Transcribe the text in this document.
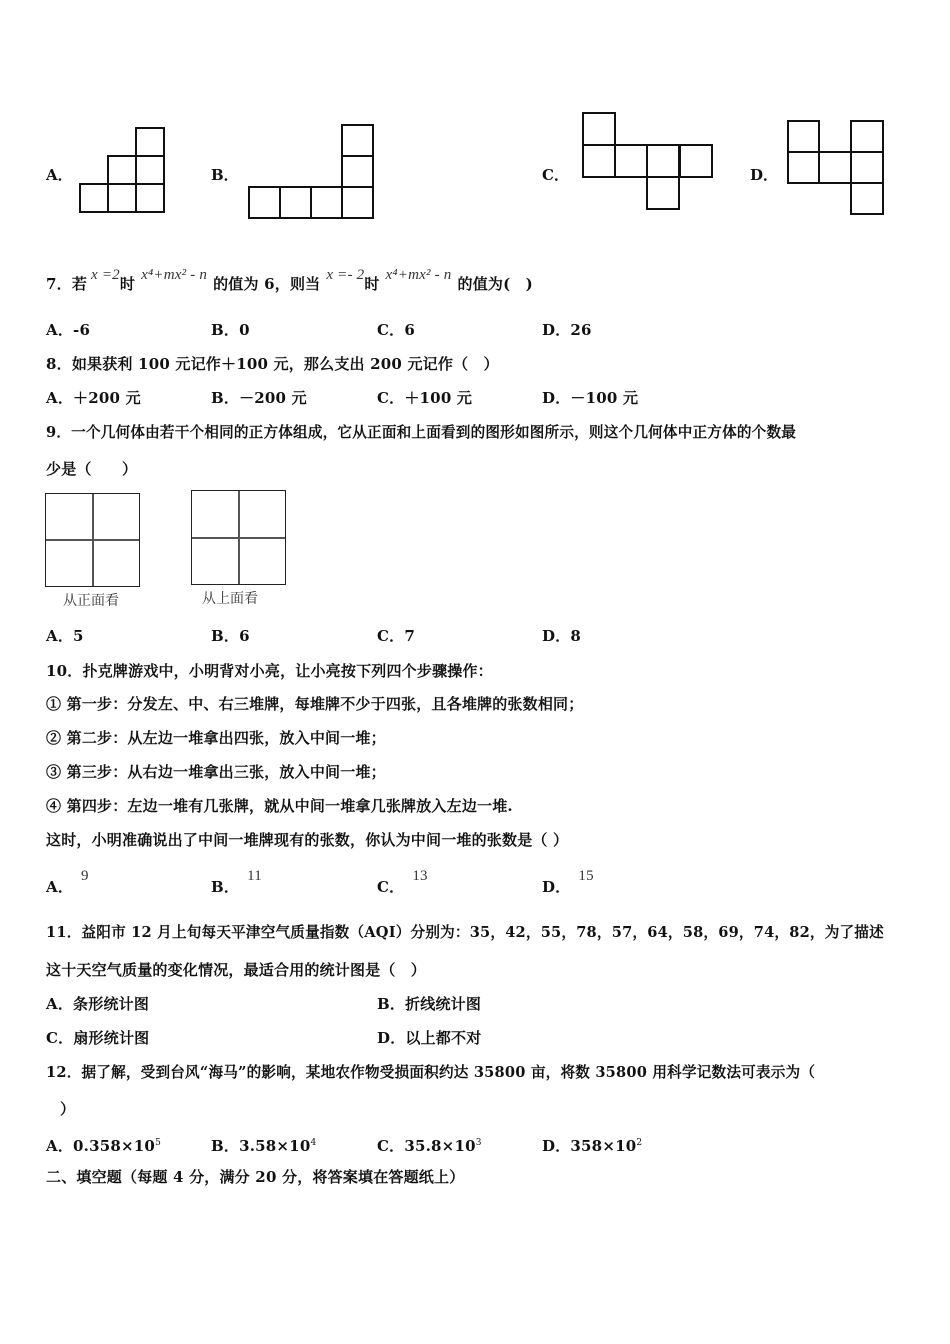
A．	B．	C．	D．
7．若 x =2时 x⁴+mx² - n 的值为 6，则当 x =- 2时 x⁴+mx² - n 的值为(　)
A．-6	B．0	C．6	D．26
8．如果获利 100 元记作＋100 元，那么支出 200 元记作（　）
A．＋200 元	B．－200 元	C．＋100 元	D．－100 元
9．一个几何体由若干个相同的正方体组成，它从正面和上面看到的图形如图所示，则这个几何体中正方体的个数最
少是（　　）
从正面看	从上面看
A．5	B．6	C．7	D．8
10．扑克牌游戏中，小明背对小亮，让小亮按下列四个步骤操作：
① 第一步：分发左、中、右三堆牌，每堆牌不少于四张，且各堆牌的张数相同；
② 第二步：从左边一堆拿出四张，放入中间一堆；
③ 第三步：从右边一堆拿出三张，放入中间一堆；
④ 第四步：左边一堆有几张牌，就从中间一堆拿几张牌放入左边一堆.
这时，小明准确说出了中间一堆牌现有的张数，你认为中间一堆的张数是（ ）
A．9
B．11
C．13
D．15
11．益阳市 12 月上旬每天平津空气质量指数（AQI）分别为：35，42，55，78，57，64，58，69，74，82，为了描述
这十天空气质量的变化情况，最适合用的统计图是（　）
A．条形统计图	B．折线统计图
C．扇形统计图	D．以上都不对
12．据了解，受到台风“海马”的影响，某地农作物受损面积约达 35800 亩，将数 35800 用科学记数法可表示为（
）
A．$0.358\times 10^5$	B．$3.58\times 10^4$	C．$35.8\times 10^3$	D．$358\times 10^2$
二、填空题（每题 4 分，满分 20 分，将答案填在答题纸上）
